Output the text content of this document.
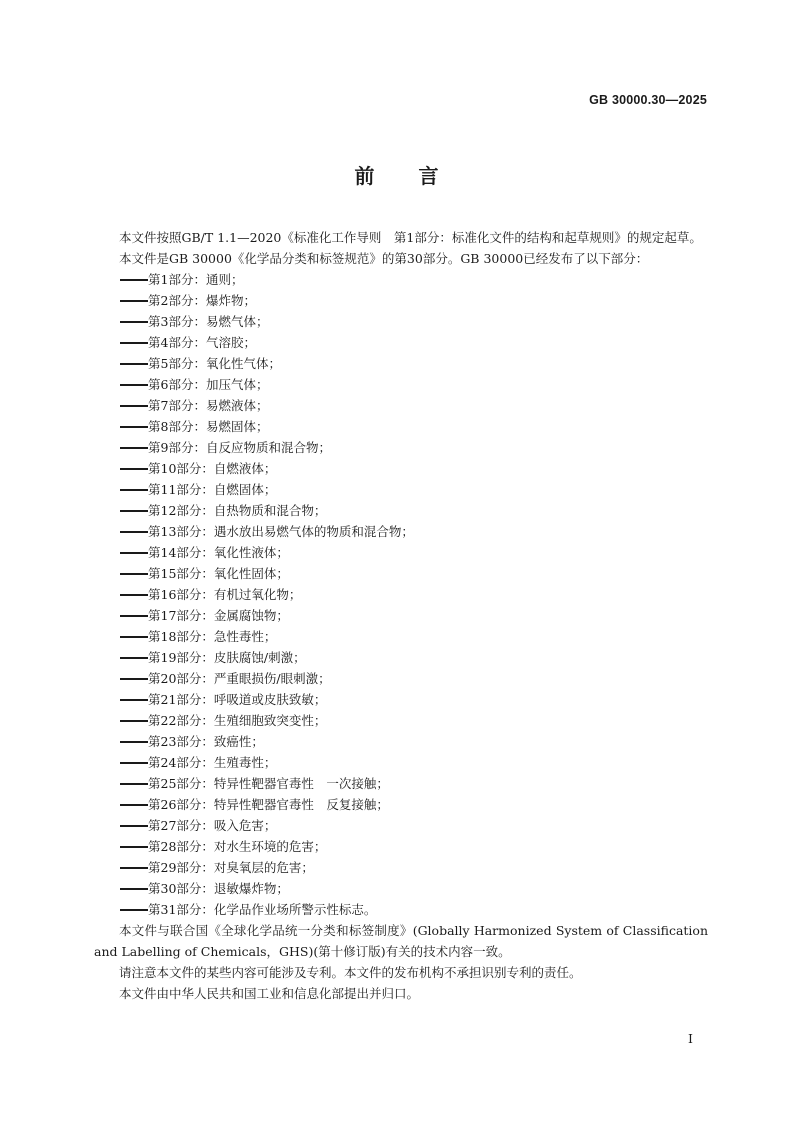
GB 30000.30—2025
前言

本文件按照GB/T 1.1—2020《标准化工作导则　第1部分：标准化文件的结构和起草规则》的规定起草。

本文件是GB 30000《化学品分类和标签规范》的第30部分。GB 30000已经发布了以下部分：

第1部分：通则；
第2部分：爆炸物；
第3部分：易燃气体；
第4部分：气溶胶；
第5部分：氧化性气体；
第6部分：加压气体；
第7部分：易燃液体；
第8部分：易燃固体；
第9部分：自反应物质和混合物；
第10部分：自燃液体；
第11部分：自燃固体；
第12部分：自热物质和混合物；
第13部分：遇水放出易燃气体的物质和混合物；
第14部分：氧化性液体；
第15部分：氧化性固体；
第16部分：有机过氧化物；
第17部分：金属腐蚀物；
第18部分：急性毒性；
第19部分：皮肤腐蚀/刺激；
第20部分：严重眼损伤/眼刺激；
第21部分：呼吸道或皮肤致敏；
第22部分：生殖细胞致突变性；
第23部分：致癌性；
第24部分：生殖毒性；
第25部分：特异性靶器官毒性　一次接触；
第26部分：特异性靶器官毒性　反复接触；
第27部分：吸入危害；
第28部分：对水生环境的危害；
第29部分：对臭氧层的危害；
第30部分：退敏爆炸物；
第31部分：化学品作业场所警示性标志。

本文件与联合国《全球化学品统一分类和标签制度》(Globally Harmonized System of Classification and Labelling of Chemicals，GHS)(第十修订版)有关的技术内容一致。

请注意本文件的某些内容可能涉及专利。本文件的发布机构不承担识别专利的责任。

本文件由中华人民共和国工业和信息化部提出并归口。

I
